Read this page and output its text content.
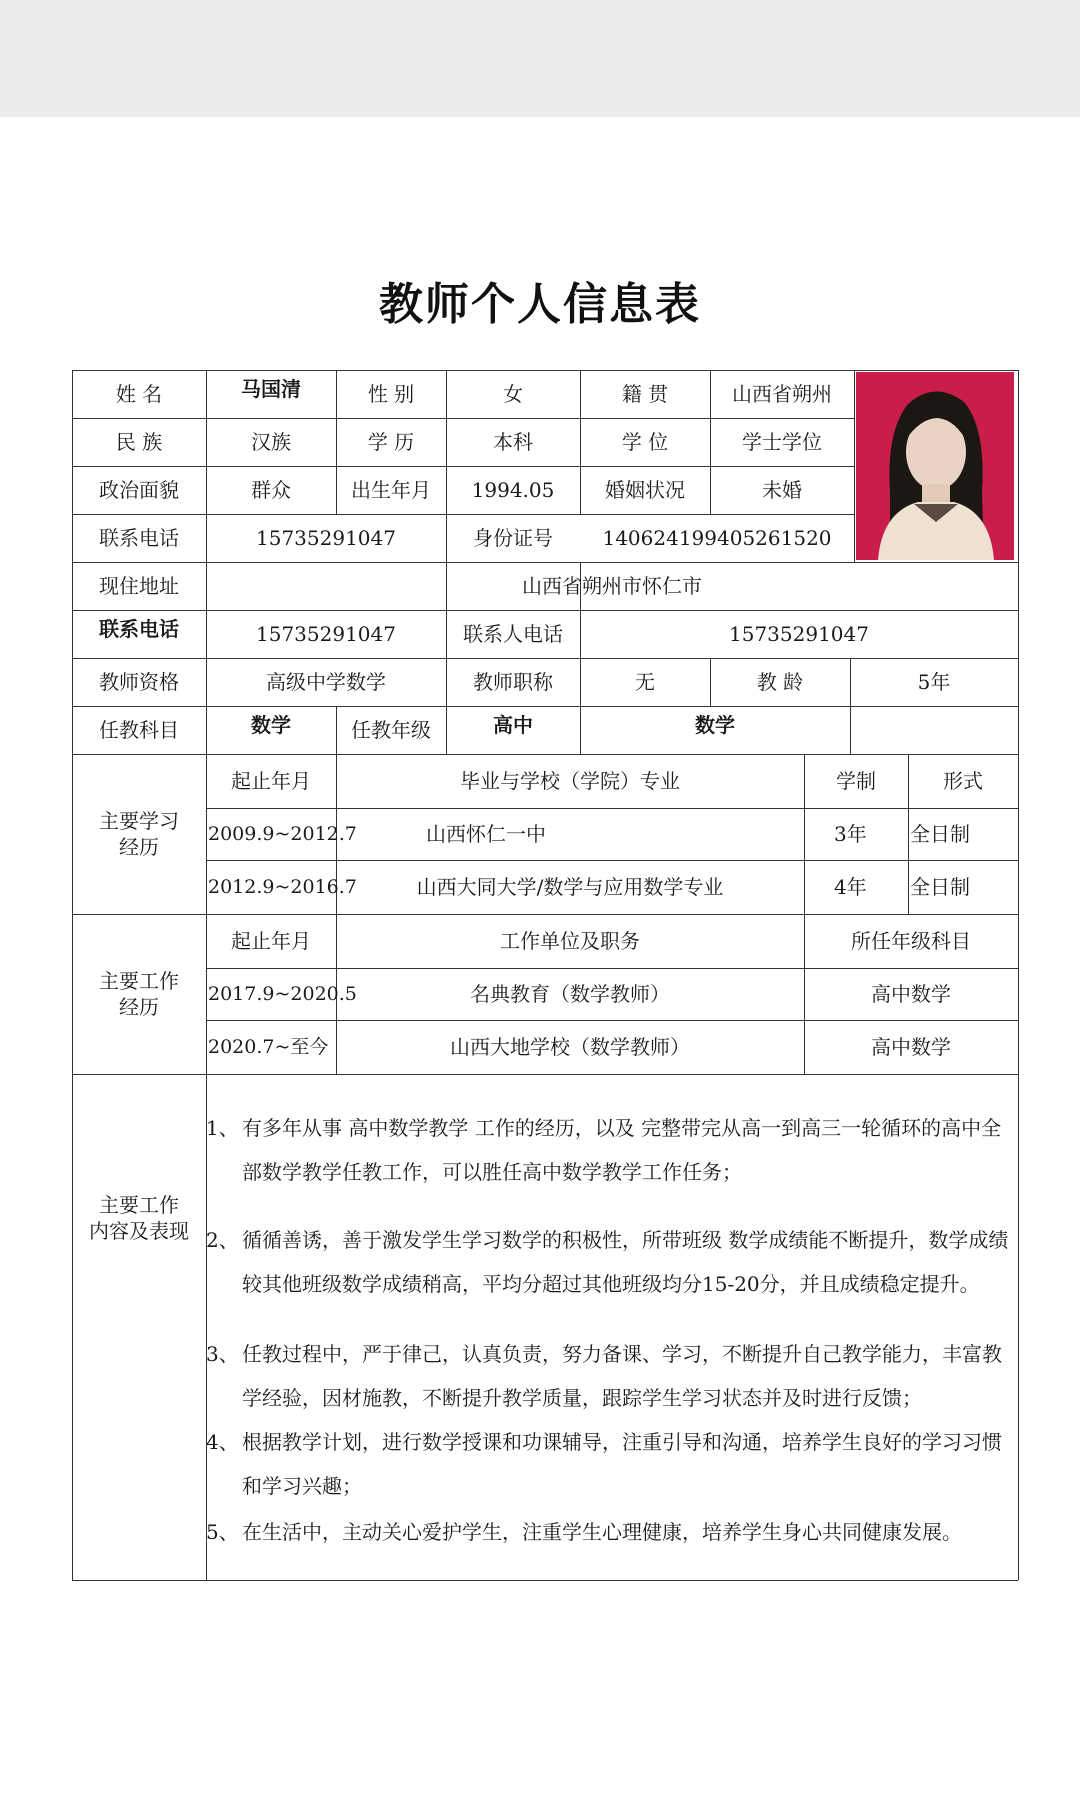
教师个人信息表
姓 名	马国清	性 别	女	籍 贯	山西省朔州
民 族	汉族	学 历	本科	学 位	学士学位
政治面貌	群众	出生年月	1994.05	婚姻状况	未婚
联系电话	15735291047	身份证号	140624199405261520
现住地址	山西省朔州市怀仁市
联系电话	15735291047	联系人电话	15735291047
教师资格	高级中学数学	教师职称	无	教 龄	5年
任教科目	数学	任教年级	高中	数学
主要学习
经历
起止年月	毕业与学校（学院）专业	学制	形式
2009.9~2012.7	山西怀仁一中	3年	全日制
2012.9~2016.7	山西大同大学/数学与应用数学专业	4年	全日制
主要工作
经历
起止年月	工作单位及职务	所任年级科目
2017.9~2020.5	名典教育（数学教师）	高中数学
2020.7~至今	山西大地学校（数学教师）	高中数学
主要工作
内容及表现
1、 有多年从事 高中数学教学 工作的经历，以及 完整带完从高一到高三一轮循环的高中全部数学教学任教工作，可以胜任高中数学教学工作任务；
2、 循循善诱，善于激发学生学习数学的积极性，所带班级 数学成绩能不断提升，数学成绩较其他班级数学成绩稍高，平均分超过其他班级均分15-20分，并且成绩稳定提升。
3、 任教过程中，严于律己，认真负责，努力备课、学习，不断提升自己教学能力，丰富教学经验，因材施教，不断提升教学质量，跟踪学生学习状态并及时进行反馈；
4、 根据教学计划，进行数学授课和功课辅导，注重引导和沟通，培养学生良好的学习习惯和学习兴趣；
5、 在生活中，主动关心爱护学生，注重学生心理健康，培养学生身心共同健康发展。
